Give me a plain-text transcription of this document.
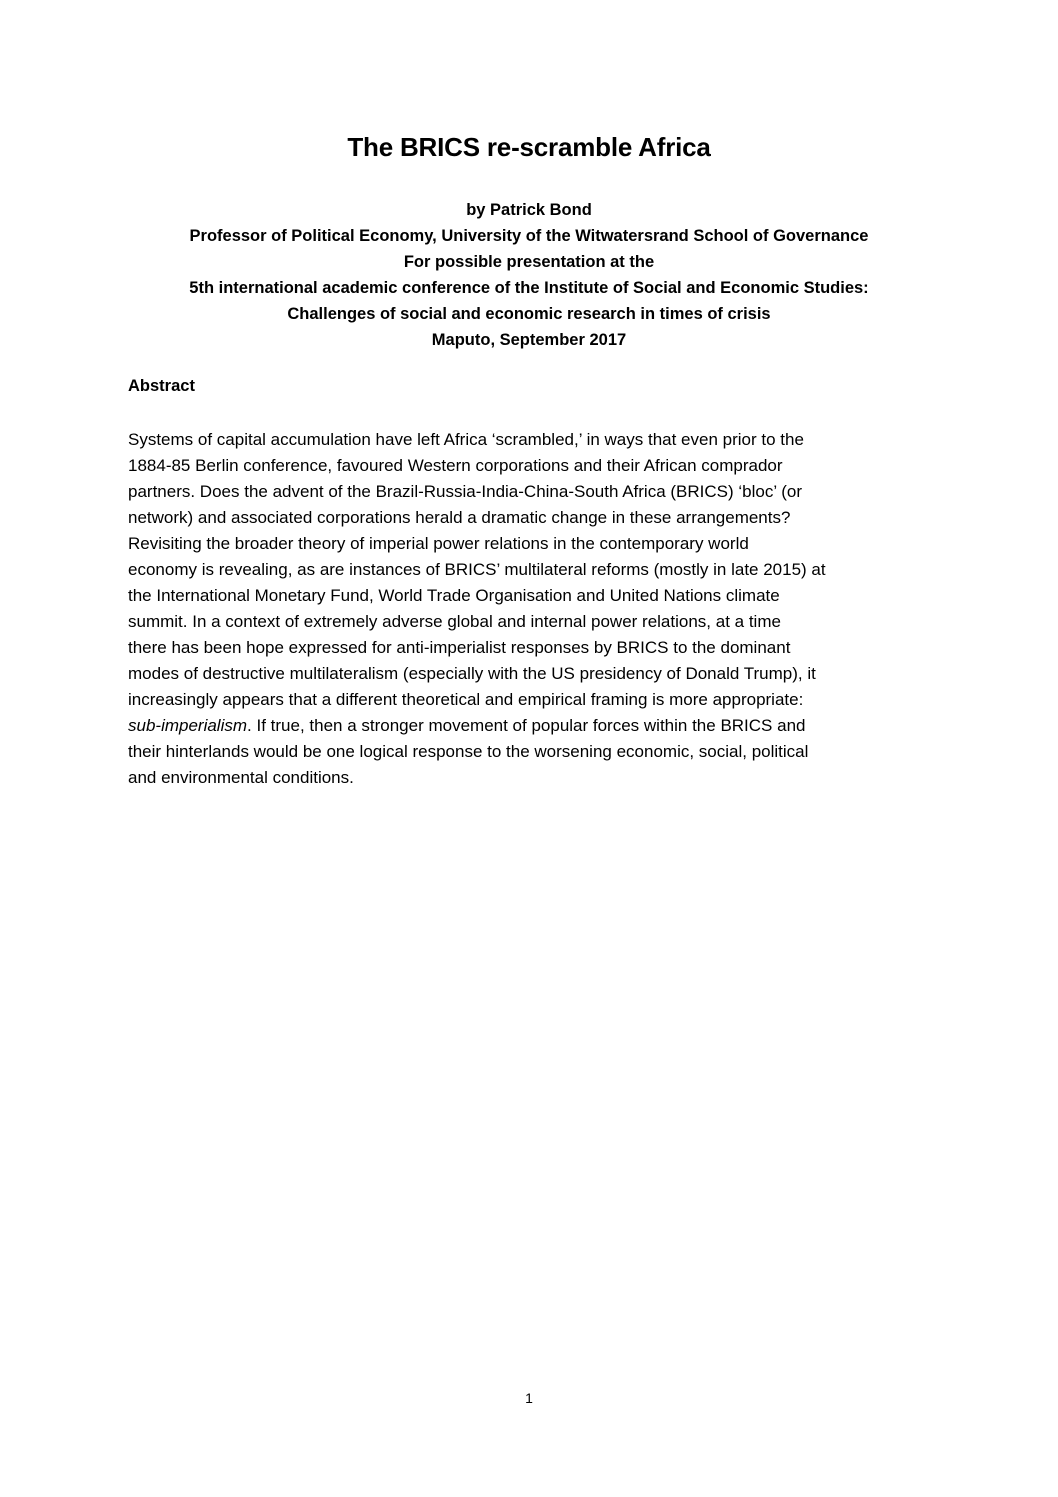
The BRICS re-scramble Africa
by Patrick Bond
Professor of Political Economy, University of the Witwatersrand School of Governance
For possible presentation at the
5th international academic conference of the Institute of Social and Economic Studies:
Challenges of social and economic research in times of crisis
Maputo, September 2017
Abstract
Systems of capital accumulation have left Africa ‘scrambled,’ in ways that even prior to the
1884-85 Berlin conference, favoured Western corporations and their African comprador
partners. Does the advent of the Brazil-Russia-India-China-South Africa (BRICS) ‘bloc’ (or
network) and associated corporations herald a dramatic change in these arrangements?
Revisiting the broader theory of imperial power relations in the contemporary world
economy is revealing, as are instances of BRICS’ multilateral reforms (mostly in late 2015) at
the International Monetary Fund, World Trade Organisation and United Nations climate
summit. In a context of extremely adverse global and internal power relations, at a time
there has been hope expressed for anti-imperialist responses by BRICS to the dominant
modes of destructive multilateralism (especially with the US presidency of Donald Trump), it
increasingly appears that a different theoretical and empirical framing is more appropriate:
sub-imperialism. If true, then a stronger movement of popular forces within the BRICS and
their hinterlands would be one logical response to the worsening economic, social, political
and environmental conditions.
1
